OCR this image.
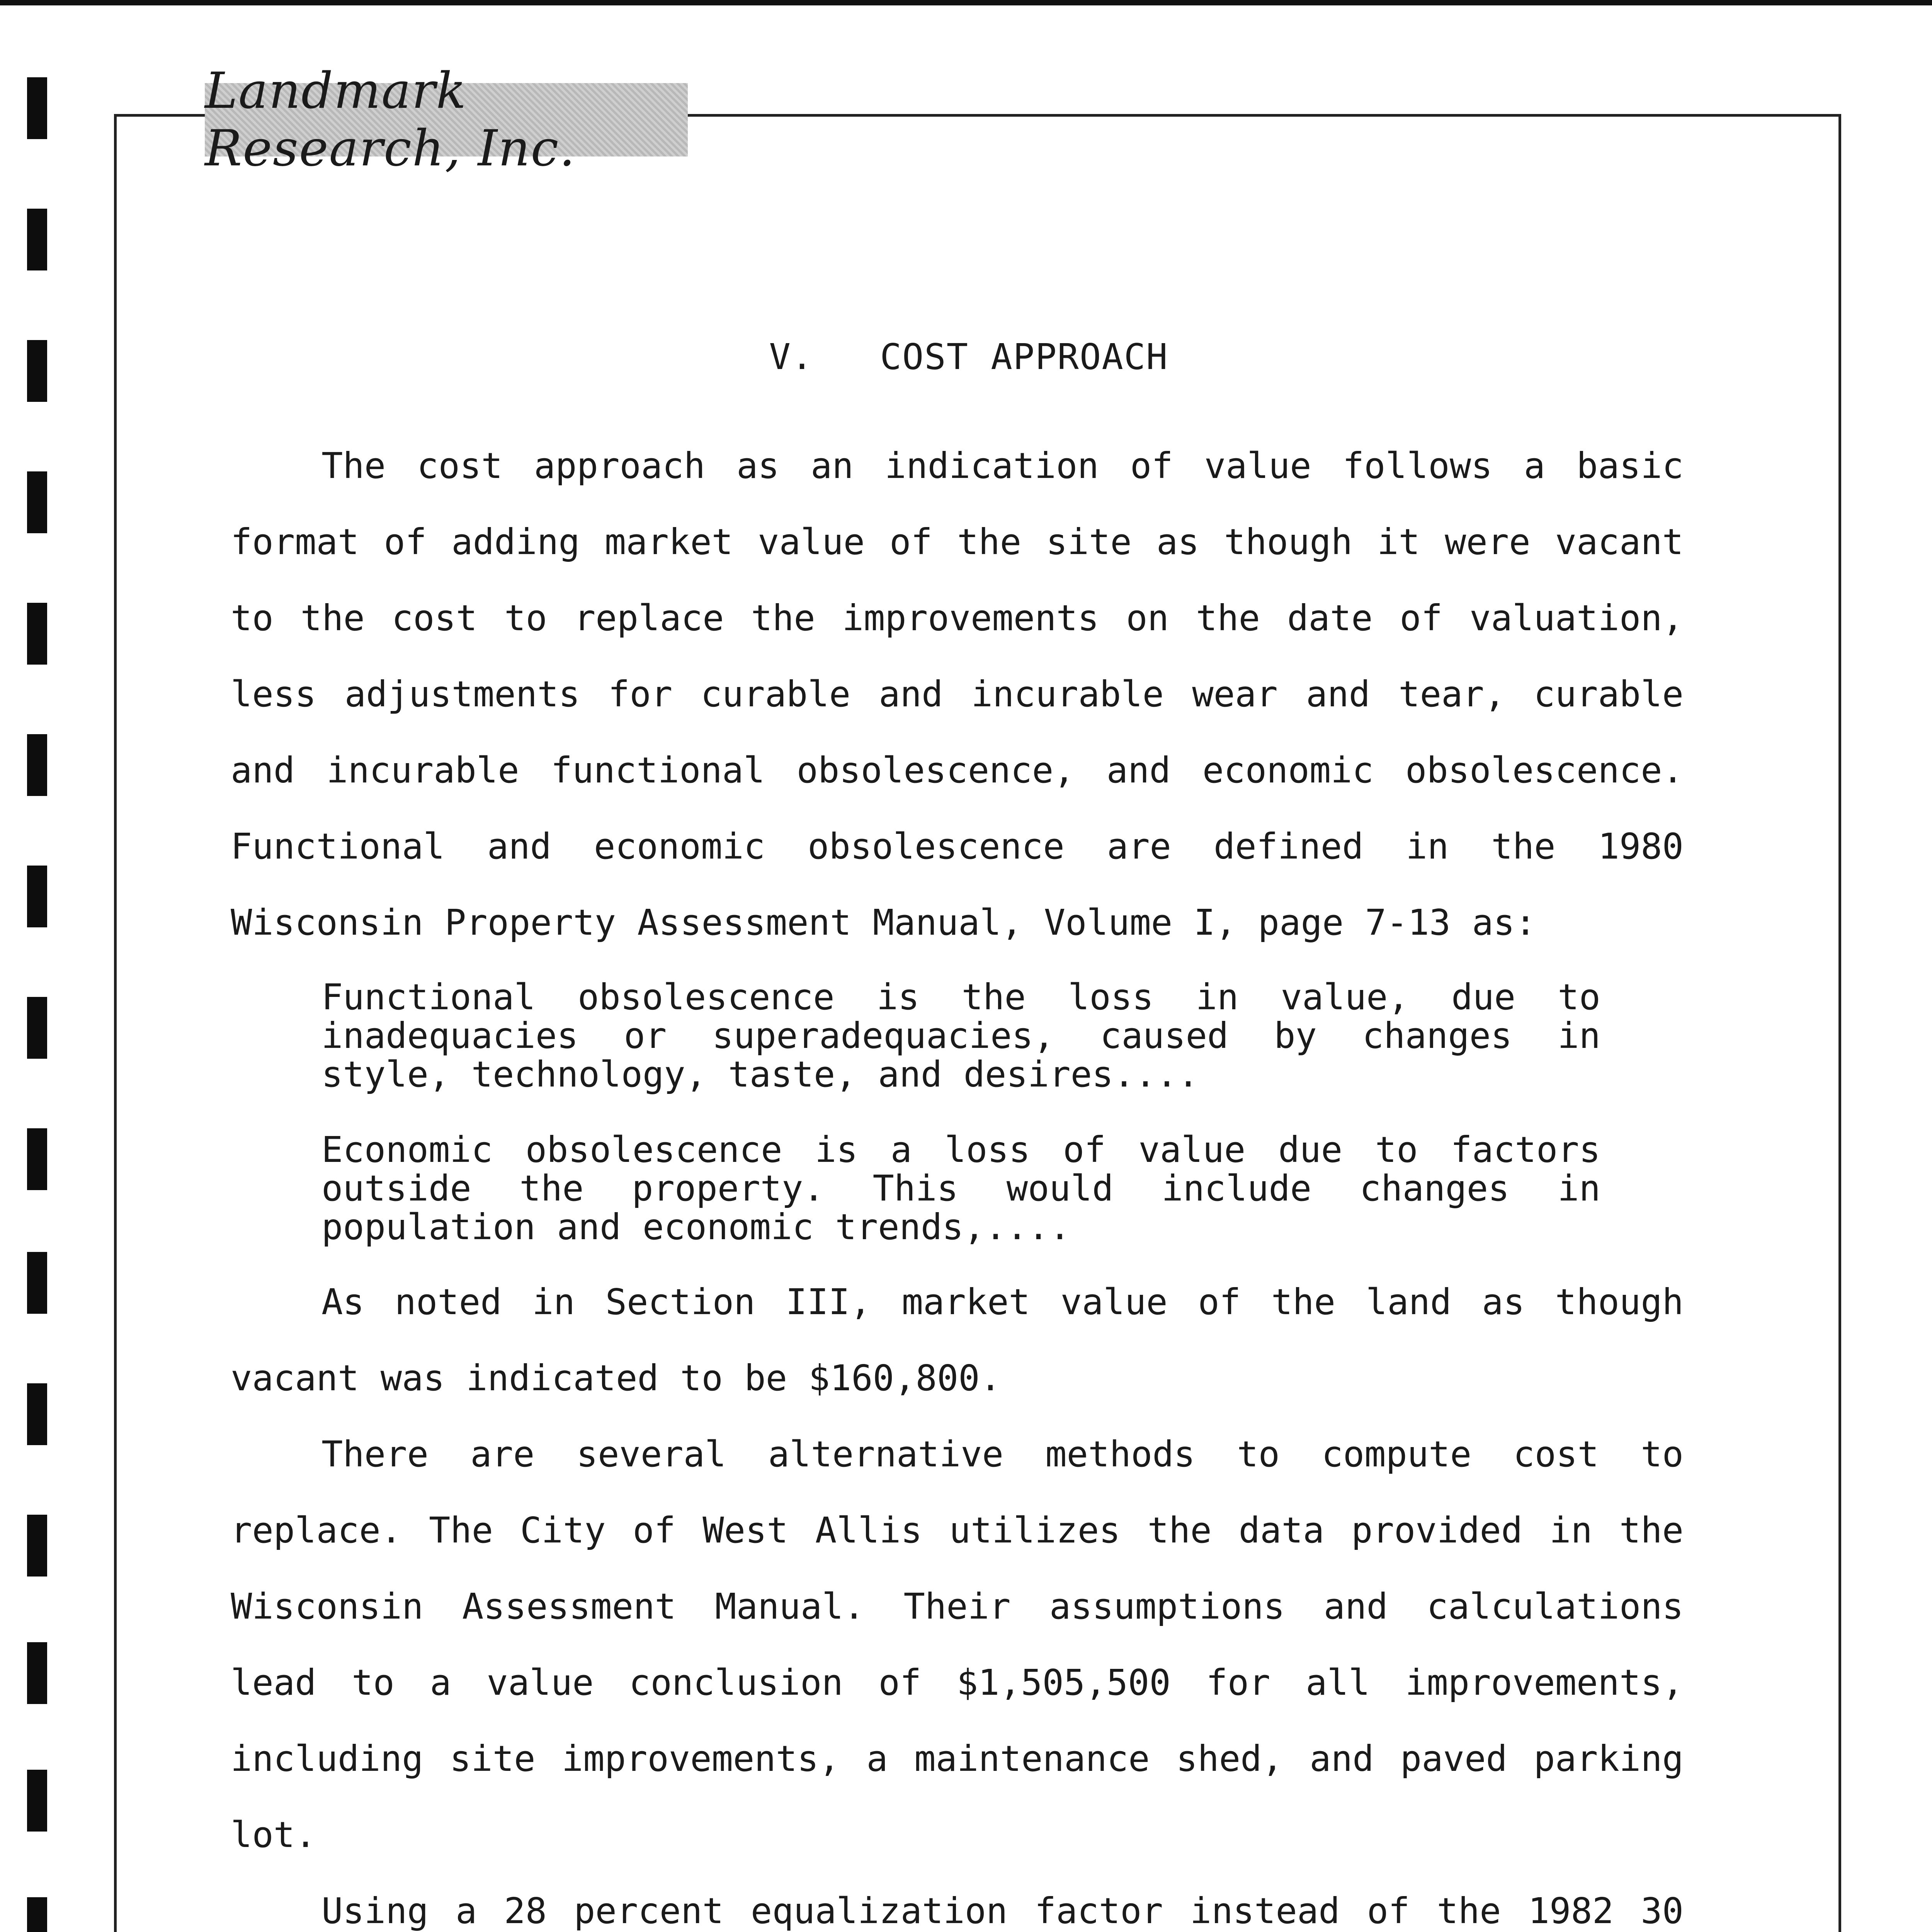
Landmark Research, Inc.
V.   COST APPROACH

The cost approach as an indication of value follows a basic format of adding market value of the site as though it were vacant to the cost to replace the improvements on the date of valuation, less adjustments for curable and incurable wear and tear, curable and incurable functional obsolescence, and economic obsolescence. Functional and economic obsolescence are defined in the 1980 Wisconsin Property Assessment Manual, Volume I, page 7-13 as:

Functional obsolescence is the loss in value, due to inadequacies or superadequacies, caused by changes in style, technology, taste, and desires....

Economic obsolescence is a loss of value due to factors outside the property. This would include changes in population and economic trends,....

As noted in Section III, market value of the land as though vacant was indicated to be $160,800.

There are several alternative methods to compute cost to replace. The City of West Allis utilizes the data provided in the Wisconsin Assessment Manual. Their assumptions and calculations lead to a value conclusion of $1,505,500 for all improvements, including site improvements, a maintenance shed, and paved parking lot.

Using a 28 percent equalization factor instead of the 1982 30
